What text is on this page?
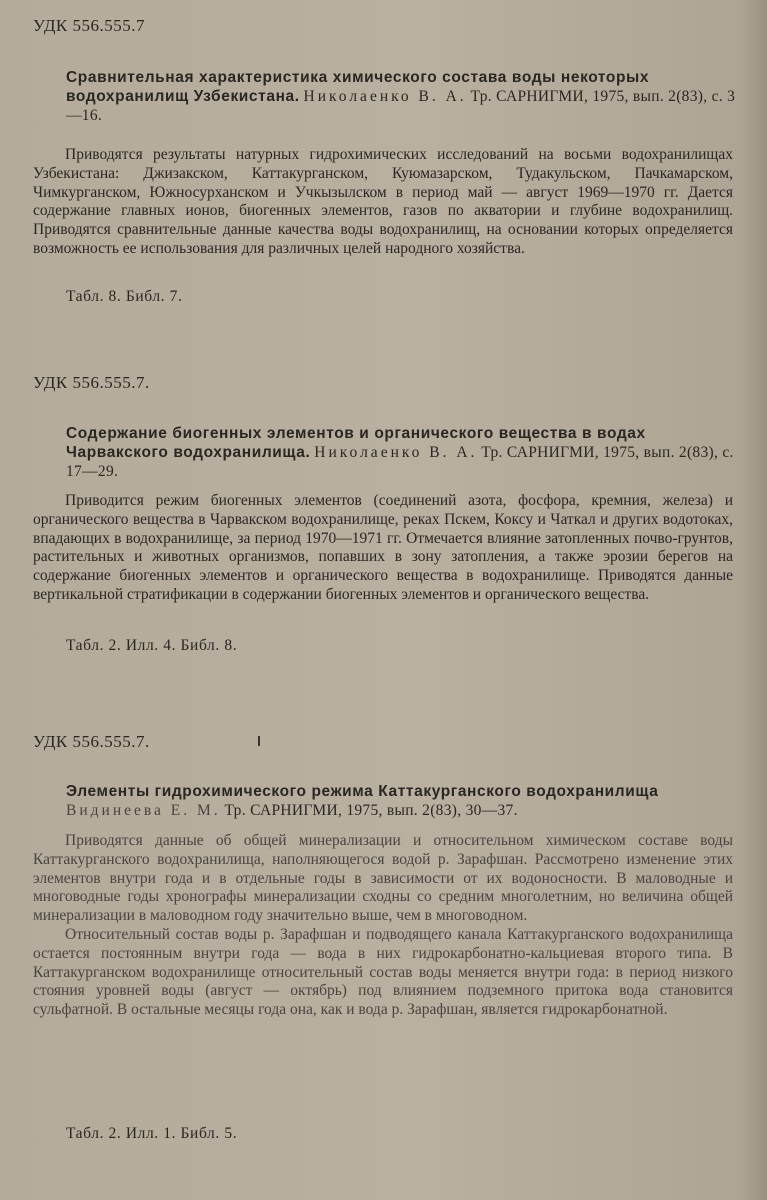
УДК 556.555.7
Сравнительная характеристика химического состава воды некоторых водохранилищ Узбекистана. Николаенко В. А. Тр. САРНИГМИ, 1975, вып. 2(83), с. 3—16.

Приводятся результаты натурных гидрохимических исследований на восьми водохранилищах Узбекистана: Джизакском, Каттакурганском, Куюмазарском, Тудакульском, Пачкамарском, Чимкурганском, Южносурханском и Учкызылском в период май — август 1969—1970 гг. Дается содержание главных ионов, биогенных элементов, газов по акватории и глубине водохранилищ. Приводятся сравнительные данные качества воды водохранилищ, на основании которых определяется возможность ее использования для различных целей народного хозяйства.

Табл. 8. Библ. 7.
УДК 556.555.7.
Содержание биогенных элементов и органического вещества в водах Чарвакского водохранилища. Николаенко В. А. Тр. САРНИГМИ, 1975, вып. 2(83), с. 17—29.

Приводится режим биогенных элементов (соединений азота, фосфора, кремния, железа) и органического вещества в Чарвакском водохранилище, реках Пскем, Коксу и Чаткал и других водотоках, впадающих в водохранилище, за период 1970—1971 гг. Отмечается влияние затопленных почво-грунтов, растительных и животных организмов, попавших в зону затопления, а также эрозии берегов на содержание биогенных элементов и органического вещества в водохранилище. Приводятся данные вертикальной стратификации в содержании биогенных элементов и органического вещества.

Табл. 2. Илл. 4. Библ. 8.
УДК 556.555.7.
Элементы гидрохимического режима Каттакурганского водохранилища Видинеева Е. М. Тр. САРНИГМИ, 1975, вып. 2(83), 30—37.

Приводятся данные об общей минерализации и относительном химическом составе воды Каттакурганского водохранилища, наполняющегося водой р. Зарафшан. Рассмотрено изменение этих элементов внутри года и в отдельные годы в зависимости от их водоносности. В маловодные и многоводные годы хронографы минерализации сходны со средним многолетним, но величина общей минерализации в маловодном году значительно выше, чем в многоводном.

Относительный состав воды р. Зарафшан и подводящего канала Каттакурганского водохранилища остается постоянным внутри года — вода в них гидрокарбонатно-кальциевая второго типа. В Каттакурганском водохранилище относительный состав воды меняется внутри года: в период низкого стояния уровней воды (август — октябрь) под влиянием подземного притока вода становится сульфатной. В остальные месяцы года она, как и вода р. Зарафшан, является гидрокарбонатной.

Табл. 2. Илл. 1. Библ. 5.
